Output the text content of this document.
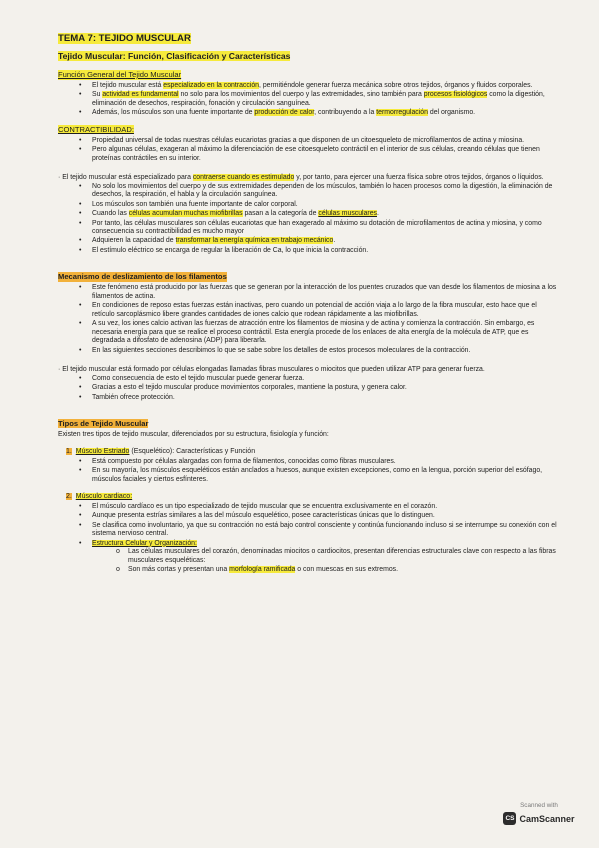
TEMA 7: TEJIDO MUSCULAR
Tejido Muscular: Función, Clasificación y Características
Función General del Tejido Muscular
• El tejido muscular está especializado en la contracción, permitiéndole generar fuerza mecánica sobre otros tejidos, órganos y fluidos corporales.
• Su actividad es fundamental no solo para los movimientos del cuerpo y las extremidades, sino también para procesos fisiológicos como la digestión, eliminación de desechos, respiración, fonación y circulación sanguínea.
• Además, los músculos son una fuente importante de producción de calor, contribuyendo a la termorregulación del organismo.
CONTRACTIBILIDAD:
• Propiedad universal de todas nuestras células eucariotas gracias a que disponen de un citoesqueleto de microfilamentos de actina y miosina.
• Pero algunas células, exageran al máximo la diferenciación de ese citoesqueleto contráctil en el interior de sus células, creando células que tienen proteínas contráctiles en su interior.

· El tejido muscular está especializado para contraerse cuando es estimulado y, por tanto, para ejercer una fuerza física sobre otros tejidos, órganos o líquidos.

• No solo los movimientos del cuerpo y de sus extremidades dependen de los músculos, también lo hacen procesos como la digestión, la eliminación de desechos, la respiración, el habla y la circulación sanguínea.
• Los músculos son también una fuente importante de calor corporal.
• Cuando las células acumulan muchas miofibrillas pasan a la categoría de células musculares.
• Por tanto, las células musculares son células eucariotas que han exagerado al máximo su dotación de microfilamentos de actina y miosina, y como consecuencia su contractibilidad es mucho mayor
• Adquieren la capacidad de transformar la energía química en trabajo mecánico.
• El estímulo eléctrico se encarga de regular la liberación de Ca, lo que inicia la contracción.
Mecanismo de deslizamiento de los filamentos
• Este fenómeno está producido por las fuerzas que se generan por la interacción de los puentes cruzados que van desde los filamentos de miosina a los filamentos de actina.
• En condiciones de reposo estas fuerzas están inactivas, pero cuando un potencial de acción viaja a lo largo de la fibra muscular, esto hace que el retículo sarcoplásmico libere grandes cantidades de iones calcio que rodean rápidamente a las miofibrillas.
• A su vez, los iones calcio activan las fuerzas de atracción entre los filamentos de miosina y de actina y comienza la contracción. Sin embargo, es necesaria energía para que se realice el proceso contráctil. Esta energía procede de los enlaces de alta energía de la molécula de ATP, que es degradada a difosfato de adenosina (ADP) para liberarla.
• En las siguientes secciones describimos lo que se sabe sobre los detalles de estos procesos moleculares de la contracción.

· El tejido muscular está formado por células elongadas llamadas fibras musculares o miocitos que pueden utilizar ATP para generar fuerza.

• Como consecuencia de esto el tejido muscular puede generar fuerza.
• Gracias a esto el tejido muscular produce movimientos corporales, mantiene la postura, y genera calor.
• También ofrece protección.
Tipos de Tejido Muscular

Existen tres tipos de tejido muscular, diferenciados por su estructura, fisiología y función:

1. Músculo Estriado (Esquelético): Características y Función
• Está compuesto por células alargadas con forma de filamentos, conocidas como fibras musculares.
• En su mayoría, los músculos esqueléticos están anclados a huesos, aunque existen excepciones, como en la lengua, porción superior del esófago, músculos faciales y ciertos esfínteres.
2. Músculo cardiaco:
• El músculo cardíaco es un tipo especializado de tejido muscular que se encuentra exclusivamente en el corazón.
• Aunque presenta estrías similares a las del músculo esquelético, posee características únicas que lo distinguen.
• Se clasifica como involuntario, ya que su contracción no está bajo control consciente y continúa funcionando incluso si se interrumpe su conexión con el sistema nervioso central.
• Estructura Celular y Organización:
o Las células musculares del corazón, denominadas miocitos o cardiocitos, presentan diferencias estructurales clave con respecto a las fibras musculares esqueléticas:
o Son más cortas y presentan una morfología ramificada o con muescas en sus extremos.
Scanned with
CS CamScanner
